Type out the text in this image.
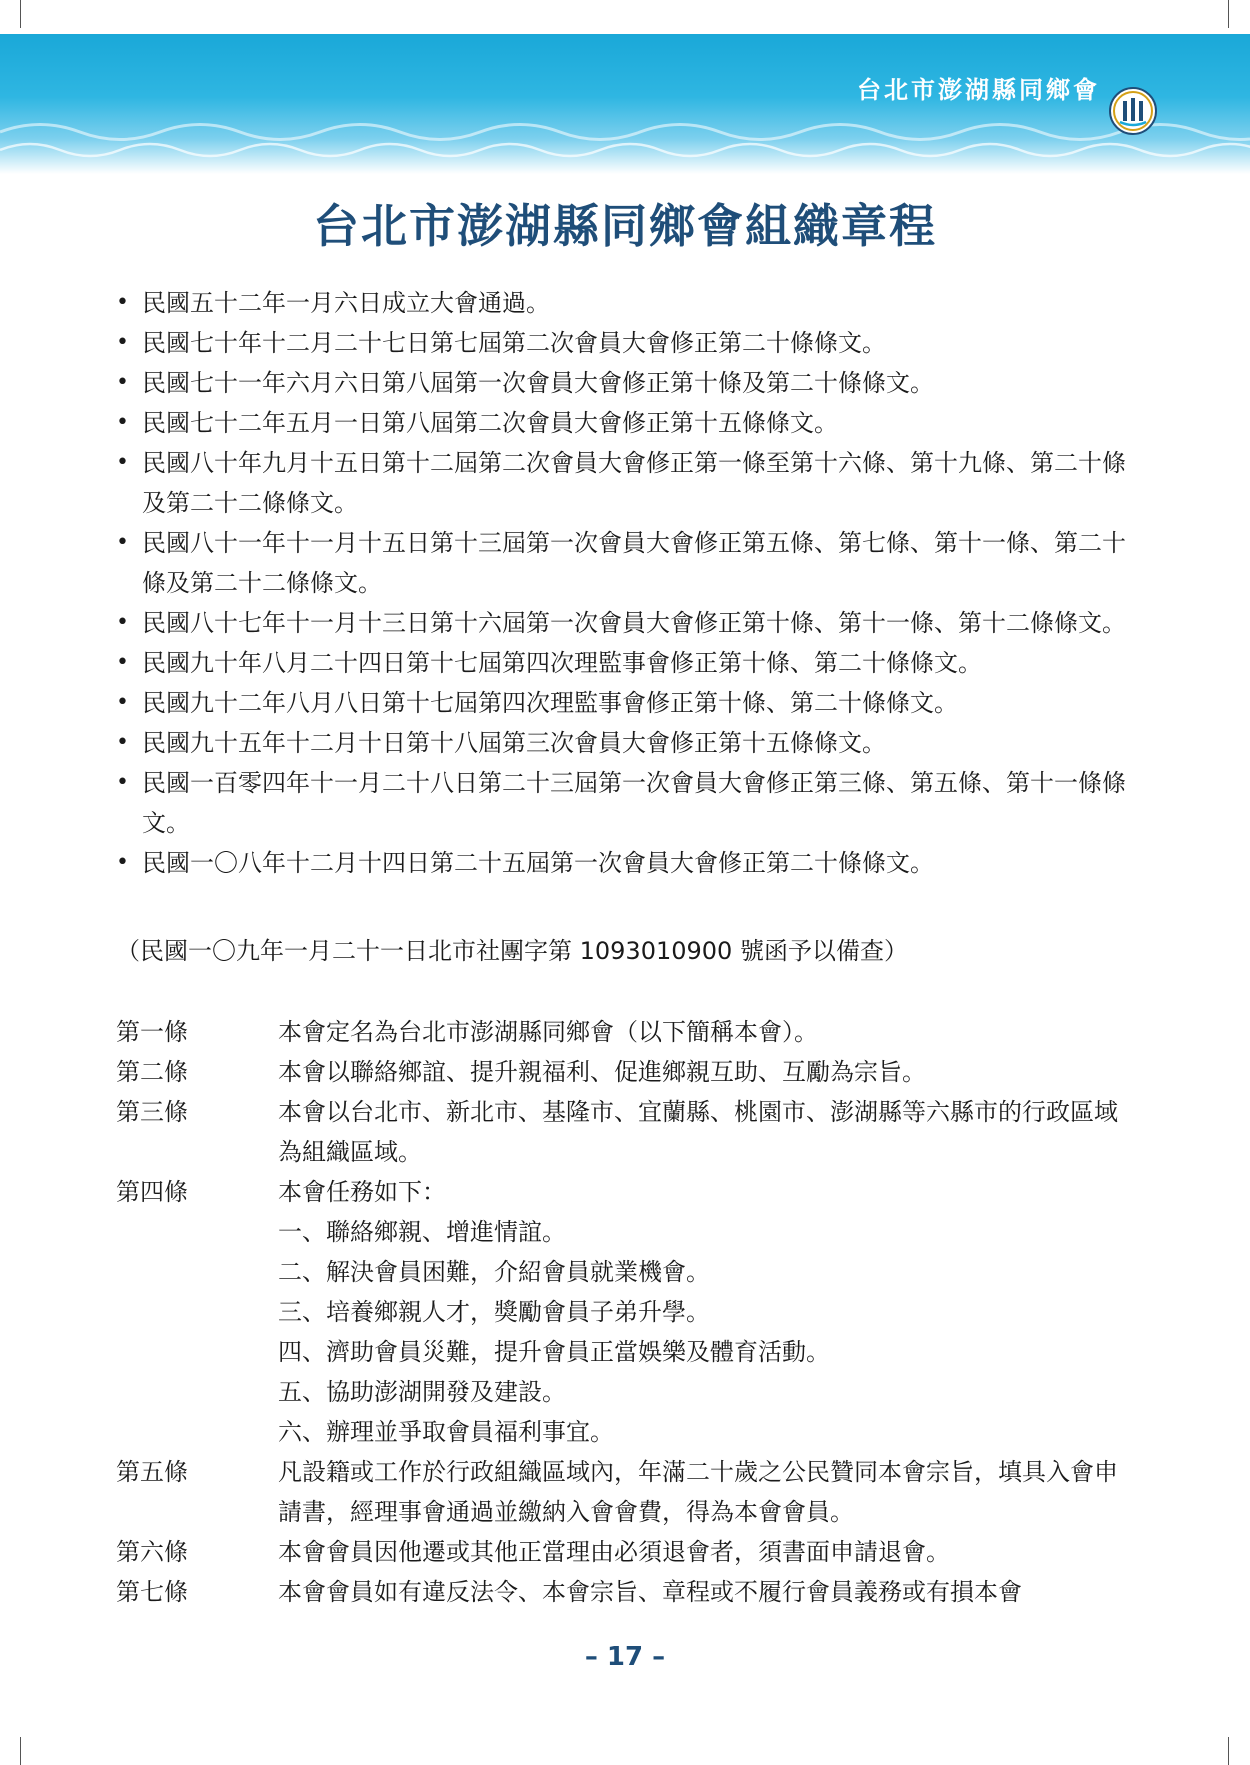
台北市澎湖縣同鄉會
台北市澎湖縣同鄉會組織章程
• 民國五十二年一月六日成立大會通過。
• 民國七十年十二月二十七日第七屆第二次會員大會修正第二十條條文。
• 民國七十一年六月六日第八屆第一次會員大會修正第十條及第二十條條文。
• 民國七十二年五月一日第八屆第二次會員大會修正第十五條條文。
• 民國八十年九月十五日第十二屆第二次會員大會修正第一條至第十六條、第十九條、第二十條及第二十二條條文。
• 民國八十一年十一月十五日第十三屆第一次會員大會修正第五條、第七條、第十一條、第二十條及第二十二條條文。
• 民國八十七年十一月十三日第十六屆第一次會員大會修正第十條、第十一條、第十二條條文。
• 民國九十年八月二十四日第十七屆第四次理監事會修正第十條、第二十條條文。
• 民國九十二年八月八日第十七屆第四次理監事會修正第十條、第二十條條文。
• 民國九十五年十二月十日第十八屆第三次會員大會修正第十五條條文。
• 民國一百零四年十一月二十八日第二十三屆第一次會員大會修正第三條、第五條、第十一條條文。
• 民國一〇八年十二月十四日第二十五屆第一次會員大會修正第二十條條文。
（民國一〇九年一月二十一日北市社團字第 1093010900 號函予以備查）
第一條	本會定名為台北市澎湖縣同鄉會（以下簡稱本會）。
第二條	本會以聯絡鄉誼、提升親福利、促進鄉親互助、互勵為宗旨。
第三條	本會以台北市、新北市、基隆市、宜蘭縣、桃園市、澎湖縣等六縣市的行政區域為組織區域。
第四條	本會任務如下：
一、聯絡鄉親、增進情誼。
二、解決會員困難，介紹會員就業機會。
三、培養鄉親人才，獎勵會員子弟升學。
四、濟助會員災難，提升會員正當娛樂及體育活動。
五、協助澎湖開發及建設。
六、辦理並爭取會員福利事宜。
第五條	凡設籍或工作於行政組織區域內，年滿二十歲之公民贊同本會宗旨，填具入會申請書，經理事會通過並繳納入會會費，得為本會會員。
第六條	本會會員因他遷或其他正當理由必須退會者，須書面申請退會。
第七條	本會會員如有違反法令、本會宗旨、章程或不履行會員義務或有損本會
– 17 –
